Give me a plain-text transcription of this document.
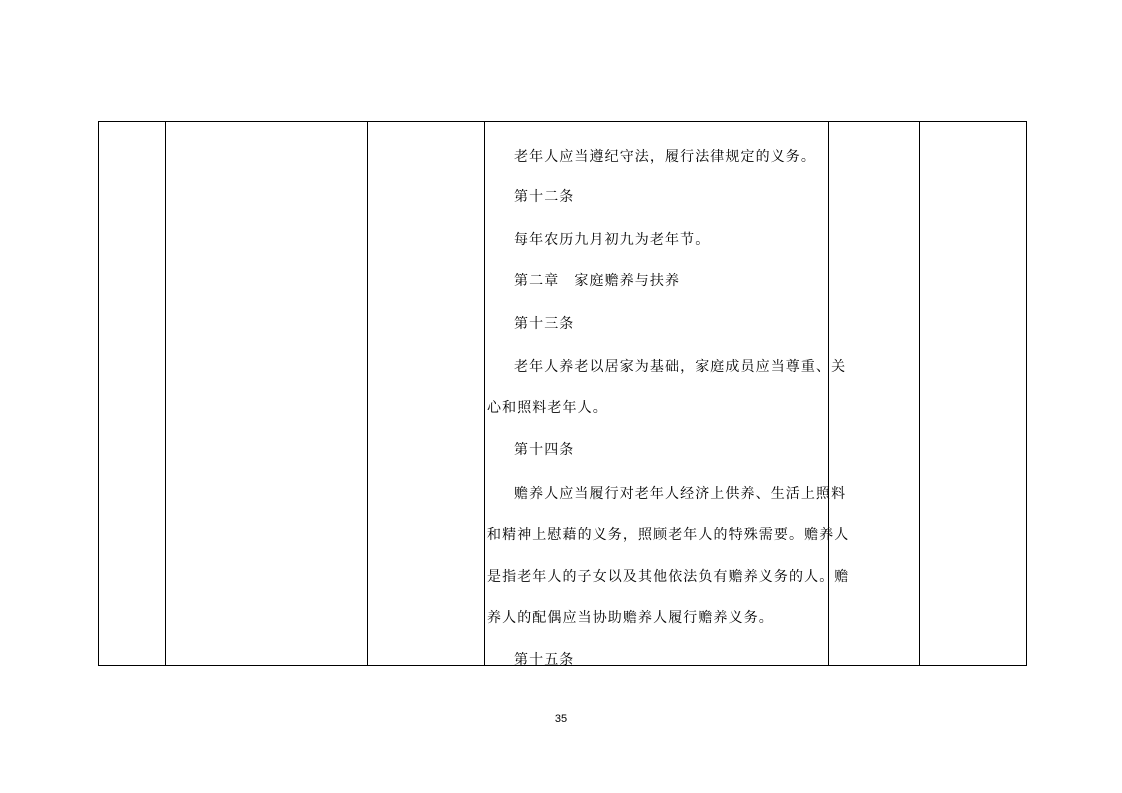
老年人应当遵纪守法，履行法律规定的义务。
第十二条
每年农历九月初九为老年节。
第二章　家庭赡养与扶养
第十三条
老年人养老以居家为基础，家庭成员应当尊重、关
心和照料老年人。
第十四条
赡养人应当履行对老年人经济上供养、生活上照料
和精神上慰藉的义务，照顾老年人的特殊需要。赡养人
是指老年人的子女以及其他依法负有赡养义务的人。赡
养人的配偶应当协助赡养人履行赡养义务。
第十五条
35
